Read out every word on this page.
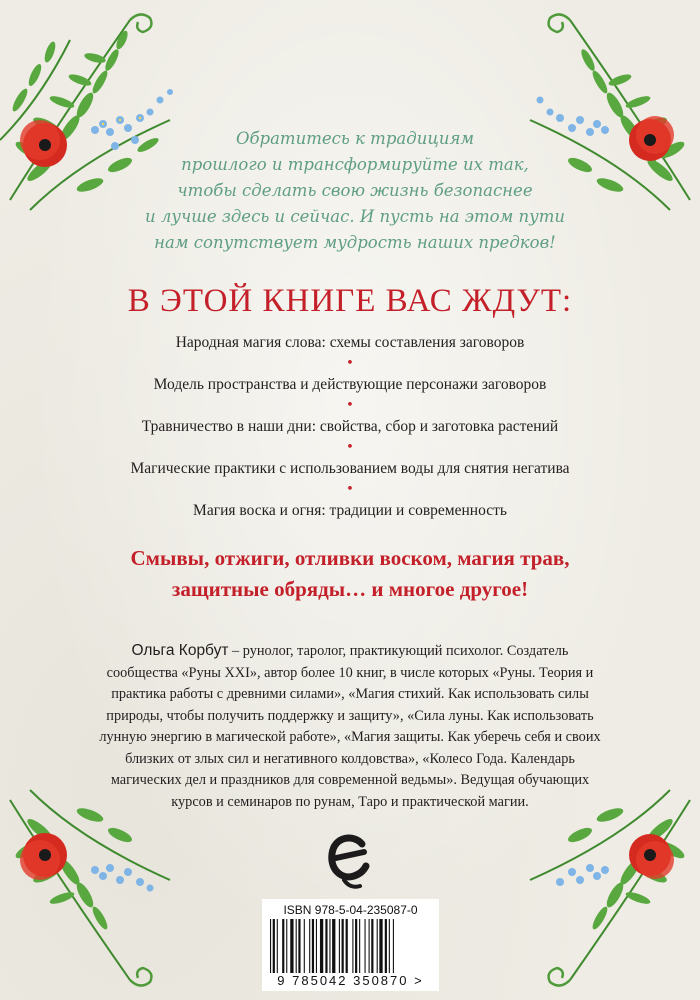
Обратитесь к традициям
прошлого и трансформируйте их так,
чтобы сделать свою жизнь безопаснее
и лучше здесь и сейчас. И пусть на этом пути
нам сопутствует мудрость наших предков!
В ЭТОЙ КНИГЕ ВАС ЖДУТ:
Народная магия слова: схемы составления заговоров
•
Модель пространства и действующие персонажи заговоров
•
Травничество в наши дни: свойства, сбор и заготовка растений
•
Магические практики с использованием воды для снятия негатива
•
Магия воска и огня: традиции и современность
Смывы, отжиги, отливки воском, магия трав,
защитные обряды… и многое другое!
Ольга Корбут – рунолог, таролог, практикующий психолог. Создатель
сообщества «Руны XXI», автор более 10 книг, в числе которых «Руны. Теория и
практика работы с древними силами», «Магия стихий. Как использовать силы
природы, чтобы получить поддержку и защиту», «Сила луны. Как использовать
лунную энергию в магической работе», «Магия защиты. Как уберечь себя и своих
близких от злых сил и негативного колдовства», «Колесо Года. Календарь
магических дел и праздников для современной ведьмы». Ведущая обучающих
курсов и семинаров по рунам, Таро и практической магии.
ISBN 978-5-04-235087-0
9 785042 350870 >
